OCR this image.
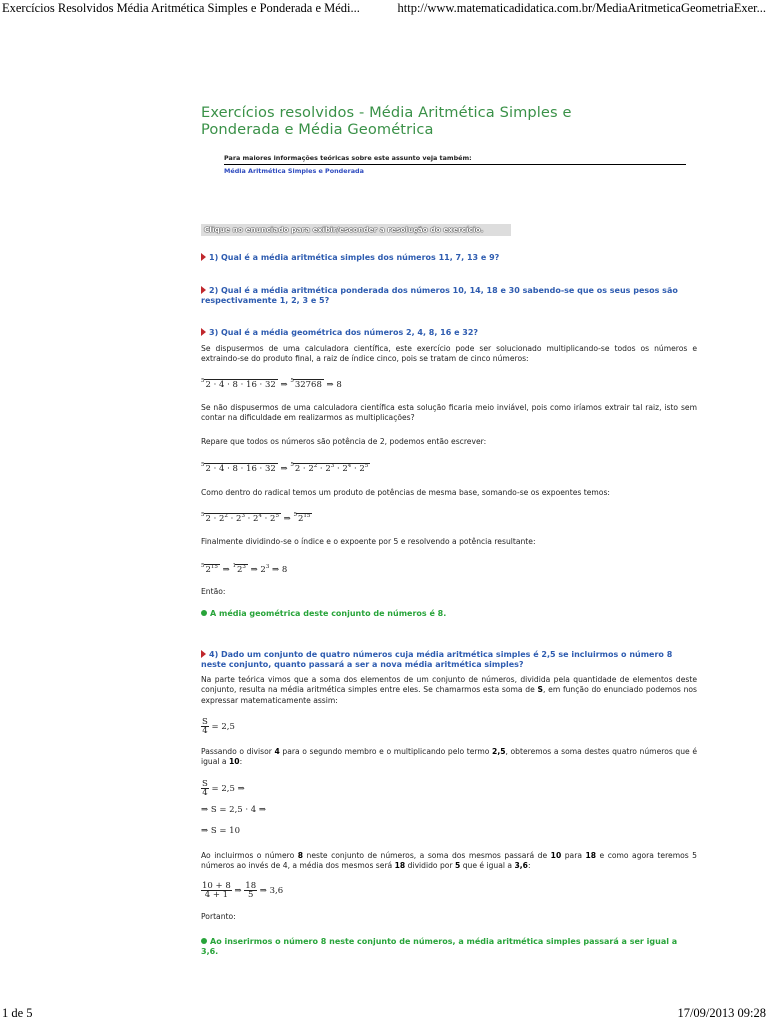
Exercícios Resolvidos Média Aritmética Simples e Ponderada e Médi...	http://www.matematicadidatica.com.br/MediaAritmeticaGeometriaExer...
Exercícios resolvidos - Média Aritmética Simples e
Ponderada e Média Geométrica
Para maiores informações teóricas sobre este assunto veja também:
Média Aritmética Simples e Ponderada
Clique no enunciado para exibir/esconder a resolução do exercício.
1) Qual é a média aritmética simples dos números 11, 7, 13 e 9?
2) Qual é a média aritmética ponderada dos números 10, 14, 18 e 30 sabendo-se que os seus pesos são respectivamente 1, 2, 3 e 5?
3) Qual é a média geométrica dos números 2, 4, 8, 16 e 32?
Se dispusermos de uma calculadora científica, este exercício pode ser solucionado multiplicando-se todos os números e extraindo-se do produto final, a raiz de índice cinco, pois se tratam de cinco números:
$^5$2 · 4 · 8 · 16 · 32 ⇒ $^5$32768 ⇒ 8
Se não dispusermos de uma calculadora científica esta solução ficaria meio inviável, pois como iríamos extrair tal raiz, isto sem contar na dificuldade em realizarmos as multiplicações?
Repare que todos os números são potência de 2, podemos então escrever:
$^5$2 · 4 · 8 · 16 · 32 ⇒ $^52 \cdot 2^2 \cdot 2^3 \cdot 2^4 \cdot 2^5$
Como dentro do radical temos um produto de potências de mesma base, somando-se os expoentes temos:
$^52 \cdot 2^2 \cdot 2^3 \cdot 2^4 \cdot 2^5$ ⇒ $^52^{15}$
Finalmente dividindo-se o índice e o expoente por 5 e resolvendo a potência resultante:
$^52^{15}$ ⇒ $^12^3$ ⇒ $2^3$ ⇒ 8
Então:
A média geométrica deste conjunto de números é 8.
4) Dado um conjunto de quatro números cuja média aritmética simples é 2,5 se incluirmos o número 8 neste conjunto, quanto passará a ser a nova média aritmética simples?
Na parte teórica vimos que a soma dos elementos de um conjunto de números, dividida pela quantidade de elementos deste conjunto, resulta na média aritmética simples entre eles. Se chamarmos esta soma de S, em função do enunciado podemos nos expressar matematicamente assim:
$\frac{S}{4} = 2,5$
Passando o divisor 4 para o segundo membro e o multiplicando pelo termo 2,5, obteremos a soma destes quatro números que é igual a 10:
$\frac{S}{4} = 2,5$ ⇒
⇒ S = 2,5 · 4 ⇒
⇒ S = 10
Ao incluirmos o número 8 neste conjunto de números, a soma dos mesmos passará de 10 para 18 e como agora teremos 5 números ao invés de 4, a média dos mesmos será 18 dividido por 5 que é igual a 3,6:
$\frac{10 + 8}{4 + 1}$ ⇒ $\frac{18}{5}$ ⇒ 3,6
Portanto:
Ao inserirmos o número 8 neste conjunto de números, a média aritmética simples passará a ser igual a 3,6.
1 de 5	17/09/2013 09:28
